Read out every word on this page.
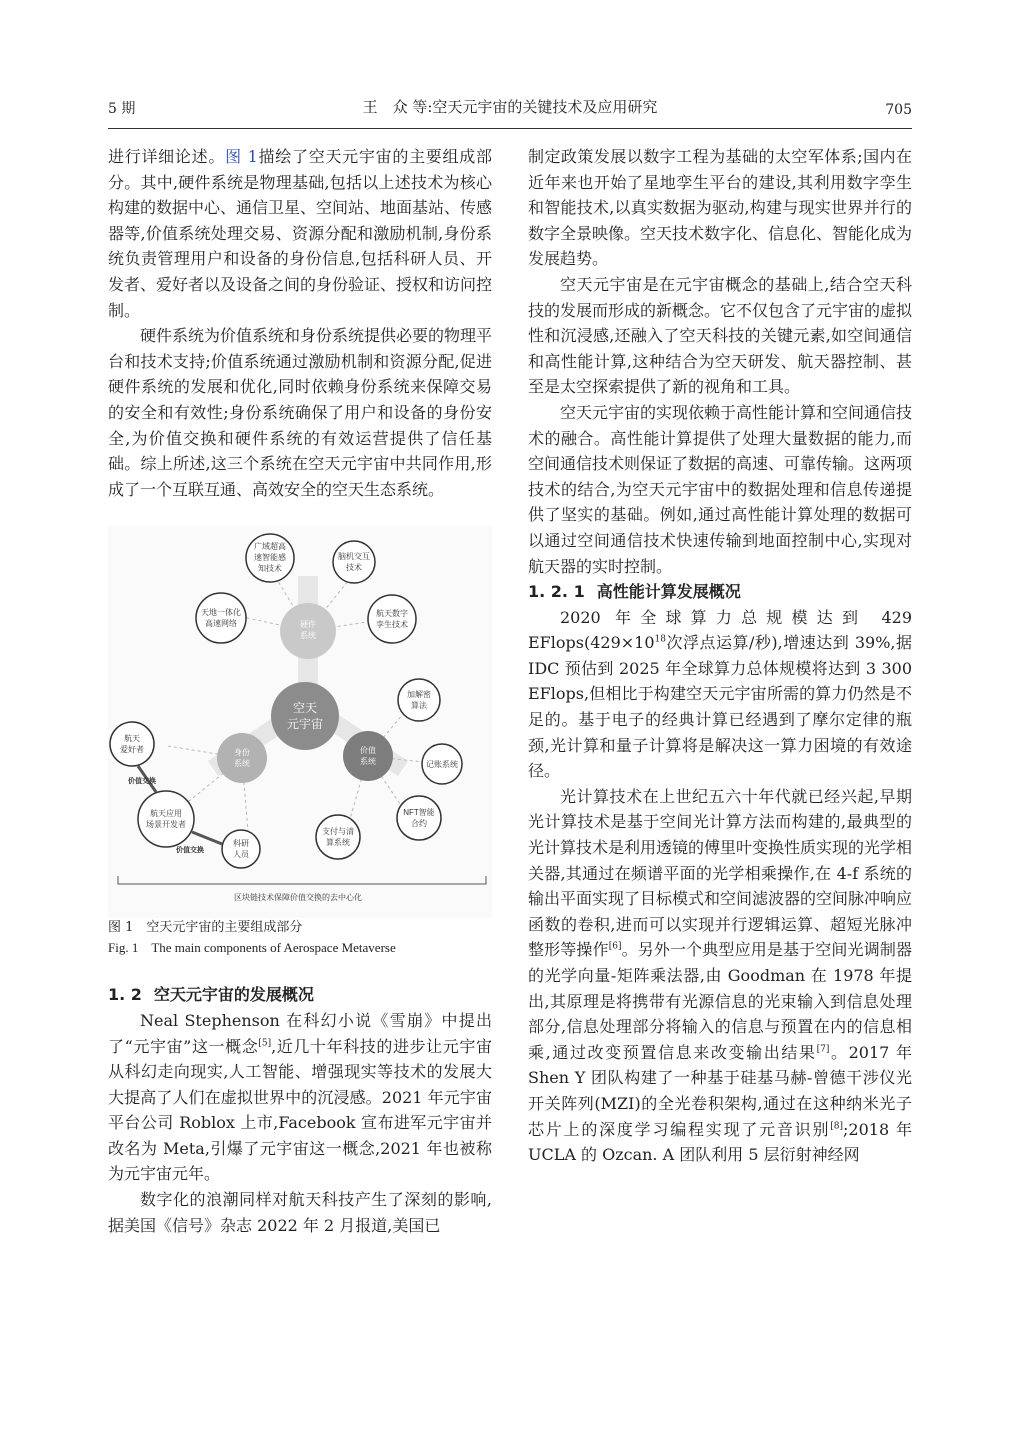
5 期	王　众 等:空天元宇宙的关键技术及应用研究	705

进行详细论述。图 1描绘了空天元宇宙的主要组成部分。其中,硬件系统是物理基础,包括以上述技术为核心构建的数据中心、通信卫星、空间站、地面基站、传感器等,价值系统处理交易、资源分配和激励机制,身份系统负责管理用户和设备的身份信息,包括科研人员、开发者、爱好者以及设备之间的身份验证、授权和访问控制。

硬件系统为价值系统和身份系统提供必要的物理平台和技术支持;价值系统通过激励机制和资源分配,促进硬件系统的发展和优化,同时依赖身份系统来保障交易的安全和有效性;身份系统确保了用户和设备的身份安全,为价值交换和硬件系统的有效运营提供了信任基础。综上所述,这三个系统在空天元宇宙中共同作用,形成了一个互联互通、高效安全的空天生态系统。

硬件
系统
空天
元宇宙
身份
系统
价值
系统
广域超高
速智能感
知技术
脑机交互
技术
天地一体化
高速网络
航天数字
孪生技术
加解密
算法
记账系统
NFT智能
合约
支付与清
算系统
航天
爱好者
航天应用
场景开发者
科研
人员
价值交换
价值交换
区块链技术保障价值交换的去中心化

图 1　空天元宇宙的主要组成部分

Fig. 1　The main components of Aerospace Metaverse

1. 2 空天元宇宙的发展概况

Neal Stephenson 在科幻小说《雪崩》中提出了“元宇宙”这一概念[5],近几十年科技的进步让元宇宙从科幻走向现实,人工智能、增强现实等技术的发展大大提高了人们在虚拟世界中的沉浸感。2021 年元宇宙平台公司 Roblox 上市,Facebook 宣布进军元宇宙并改名为 Meta,引爆了元宇宙这一概念,2021 年也被称为元宇宙元年。

数字化的浪潮同样对航天科技产生了深刻的影响,据美国《信号》杂志 2022 年 2 月报道,美国已

制定政策发展以数字工程为基础的太空军体系;国内在近年来也开始了星地孪生平台的建设,其利用数字孪生和智能技术,以真实数据为驱动,构建与现实世界并行的数字全景映像。空天技术数字化、信息化、智能化成为发展趋势。

空天元宇宙是在元宇宙概念的基础上,结合空天科技的发展而形成的新概念。它不仅包含了元宇宙的虚拟性和沉浸感,还融入了空天科技的关键元素,如空间通信和高性能计算,这种结合为空天研发、航天器控制、甚至是太空探索提供了新的视角和工具。

空天元宇宙的实现依赖于高性能计算和空间通信技术的融合。高性能计算提供了处理大量数据的能力,而空间通信技术则保证了数据的高速、可靠传输。这两项技术的结合,为空天元宇宙中的数据处理和信息传递提供了坚实的基础。例如,通过高性能计算处理的数据可以通过空间通信技术快速传输到地面控制中心,实现对航天器的实时控制。

1. 2. 1 高性能计算发展概况

2020 年全球算力总规模达到 429 $EFlops(429\times 10^{18}$次浮点运算/秒),增速达到 39%,据 IDC 预估到 2025 年全球算力总体规模将达到 3 300 EFlops,但相比于构建空天元宇宙所需的算力仍然是不足的。基于电子的经典计算已经遇到了摩尔定律的瓶颈,光计算和量子计算将是解决这一算力困境的有效途径。

光计算技术在上世纪五六十年代就已经兴起,早期光计算技术是基于空间光计算方法而构建的,最典型的光计算技术是利用透镜的傅里叶变换性质实现的光学相关器,其通过在频谱平面的光学相乘操作,在 4-f 系统的输出平面实现了目标模式和空间滤波器的空间脉冲响应函数的卷积,进而可以实现并行逻辑运算、超短光脉冲整形等操作[6]。另外一个典型应用是基于空间光调制器的光学向量-矩阵乘法器,由 Goodman 在 1978 年提出,其原理是将携带有光源信息的光束输入到信息处理部分,信息处理部分将输入的信息与预置在内的信息相乘,通过改变预置信息来改变输出结果[7]。2017 年 Shen Y 团队构建了一种基于硅基马赫-曾德干涉仪光开关阵列(MZI)的全光卷积架构,通过在这种纳米光子芯片上的深度学习编程实现了元音识别[8];2018 年 UCLA 的 Ozcan. A 团队利用 5 层衍射神经网
